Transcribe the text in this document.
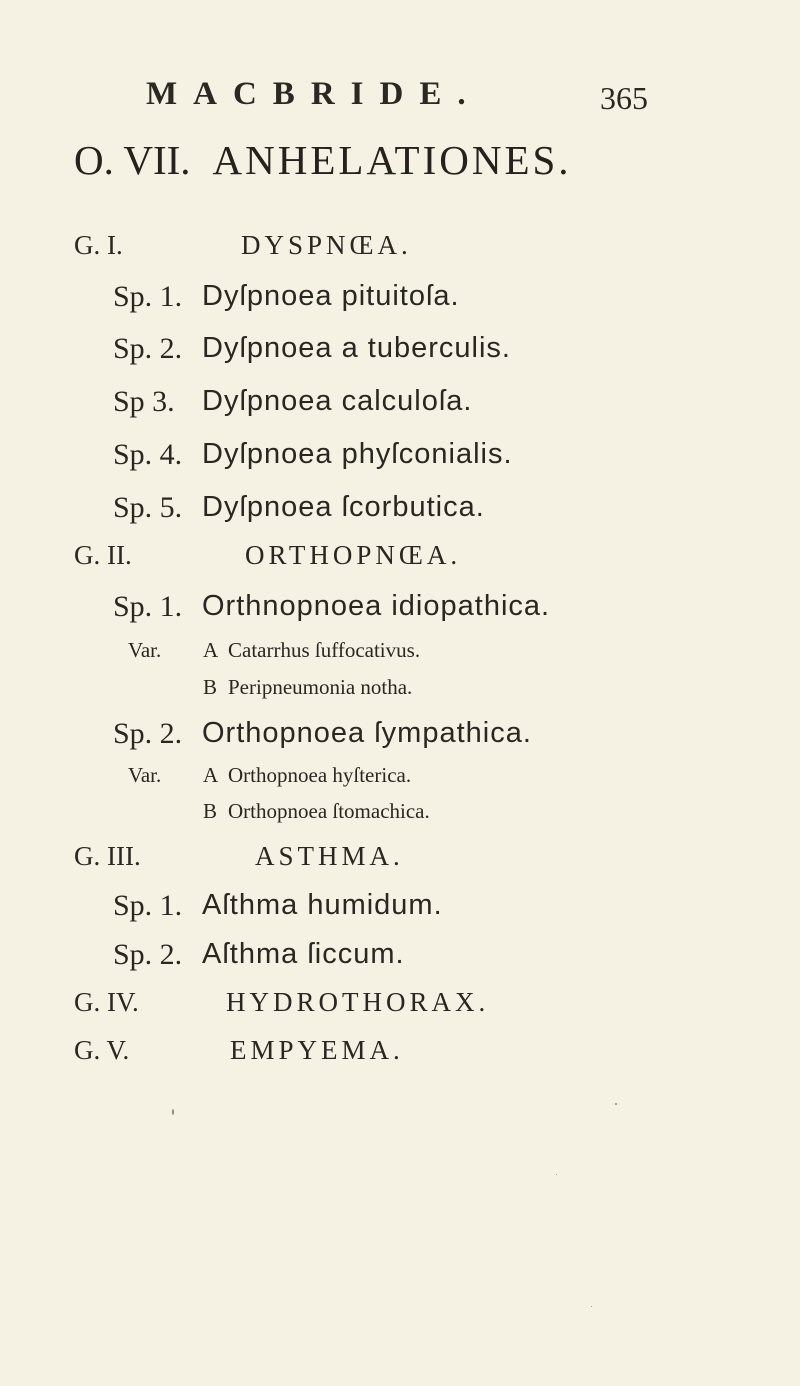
MACBRIDE.	365
O. VII. ANHELATIONES.
G. I.	DYSPNŒA.
Sp. 1. Dyſpnoea pituitoſa.
Sp. 2. Dyſpnoea a tuberculis.
Sp 3. Dyſpnoea calculoſa.
Sp. 4. Dyſpnoea phyſconialis.
Sp. 5. Dyſpnoea ſcorbutica.
G. II.	ORTHOPNŒA.
Sp. 1. Orthnopnoea idiopathica.
Var. A Catarrhus ſuffocativus.
B Peripneumonia notha.
Sp. 2. Orthopnoea ſympathica.
Var. A Orthopnoea hyſterica.
B Orthopnoea ſtomachica.
G. III.	ASTHMA.
Sp. 1. Aſthma humidum.
Sp. 2. Aſthma ſiccum.
G. IV.	HYDROTHORAX.
G. V.	EMPYEMA.
